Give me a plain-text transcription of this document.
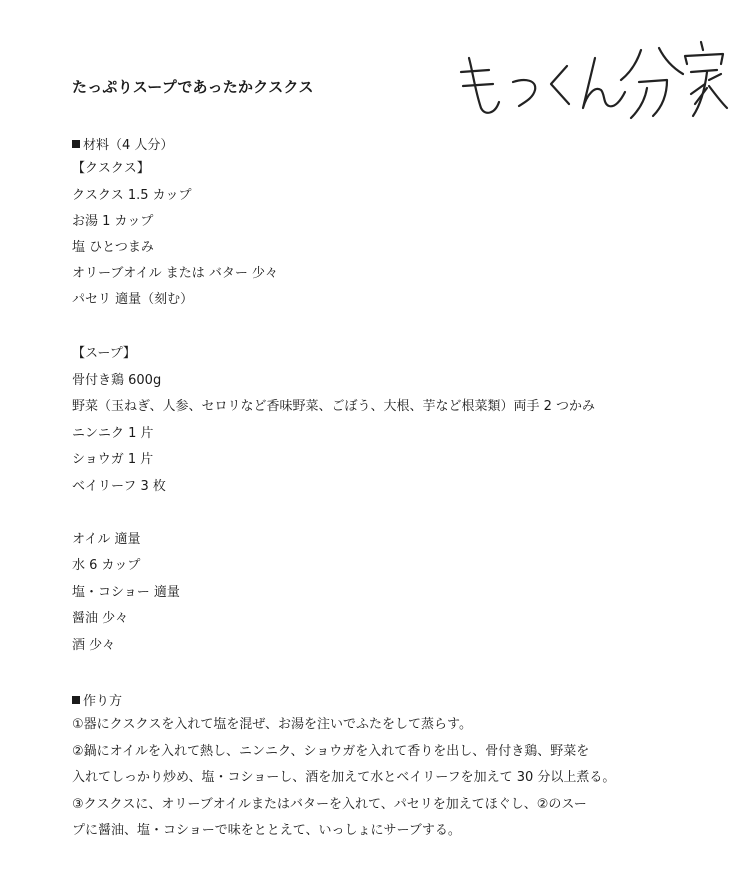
たっぷりスープであったかクスクス
材料（4 人分）
【クスクス】
クスクス 1.5 カップ
お湯 1 カップ
塩 ひとつまみ
オリーブオイル または バター 少々
パセリ 適量（刻む）
【スープ】
骨付き鶏 600g
野菜（玉ねぎ、人参、セロリなど香味野菜、ごぼう、大根、芋など根菜類）両手 2 つかみ
ニンニク 1 片
ショウガ 1 片
ベイリーフ 3 枚
オイル 適量
水 6 カップ
塩・コショー 適量
醤油 少々
酒 少々
作り方
①器にクスクスを入れて塩を混ぜ、お湯を注いでふたをして蒸らす。
②鍋にオイルを入れて熱し、ニンニク、ショウガを入れて香りを出し、骨付き鶏、野菜を
入れてしっかり炒め、塩・コショーし、酒を加えて水とベイリーフを加えて 30 分以上煮る。
③クスクスに、オリーブオイルまたはバターを入れて、パセリを加えてほぐし、②のスー
プに醤油、塩・コショーで味をととえて、いっしょにサーブする。
